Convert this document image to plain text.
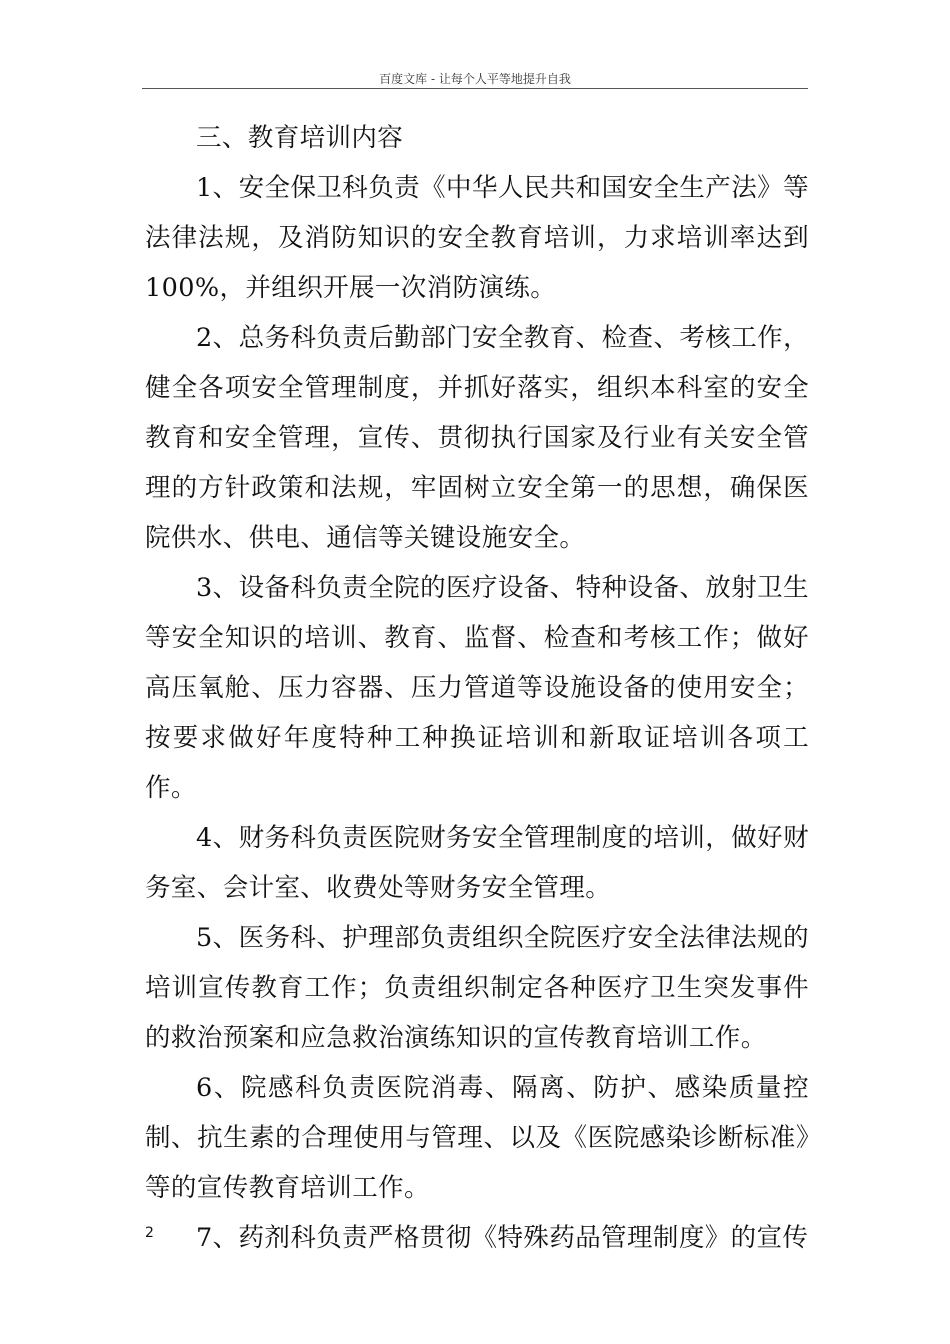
百度文库 - 让每个人平等地提升自我

三、教育培训内容

1、安全保卫科负责《中华人民共和国安全生产法》等法律法规，及消防知识的安全教育培训，力求培训率达到100%，并组织开展一次消防演练。

2、总务科负责后勤部门安全教育、检查、考核工作，健全各项安全管理制度，并抓好落实，组织本科室的安全教育和安全管理，宣传、贯彻执行国家及行业有关安全管理的方针政策和法规，牢固树立安全第一的思想，确保医院供水、供电、通信等关键设施安全。

3、设备科负责全院的医疗设备、特种设备、放射卫生等安全知识的培训、教育、监督、检查和考核工作；做好高压氧舱、压力容器、压力管道等设施设备的使用安全；按要求做好年度特种工种换证培训和新取证培训各项工作。

4、财务科负责医院财务安全管理制度的培训，做好财务室、会计室、收费处等财务安全管理。

5、医务科、护理部负责组织全院医疗安全法律法规的培训宣传教育工作；负责组织制定各种医疗卫生突发事件的救治预案和应急救治演练知识的宣传教育培训工作。

6、院感科负责医院消毒、隔离、防护、感染质量控制、抗生素的合理使用与管理、以及《医院感染诊断标准》等的宣传教育培训工作。

7、药剂科负责严格贯彻《特殊药品管理制度》的宣传

2
